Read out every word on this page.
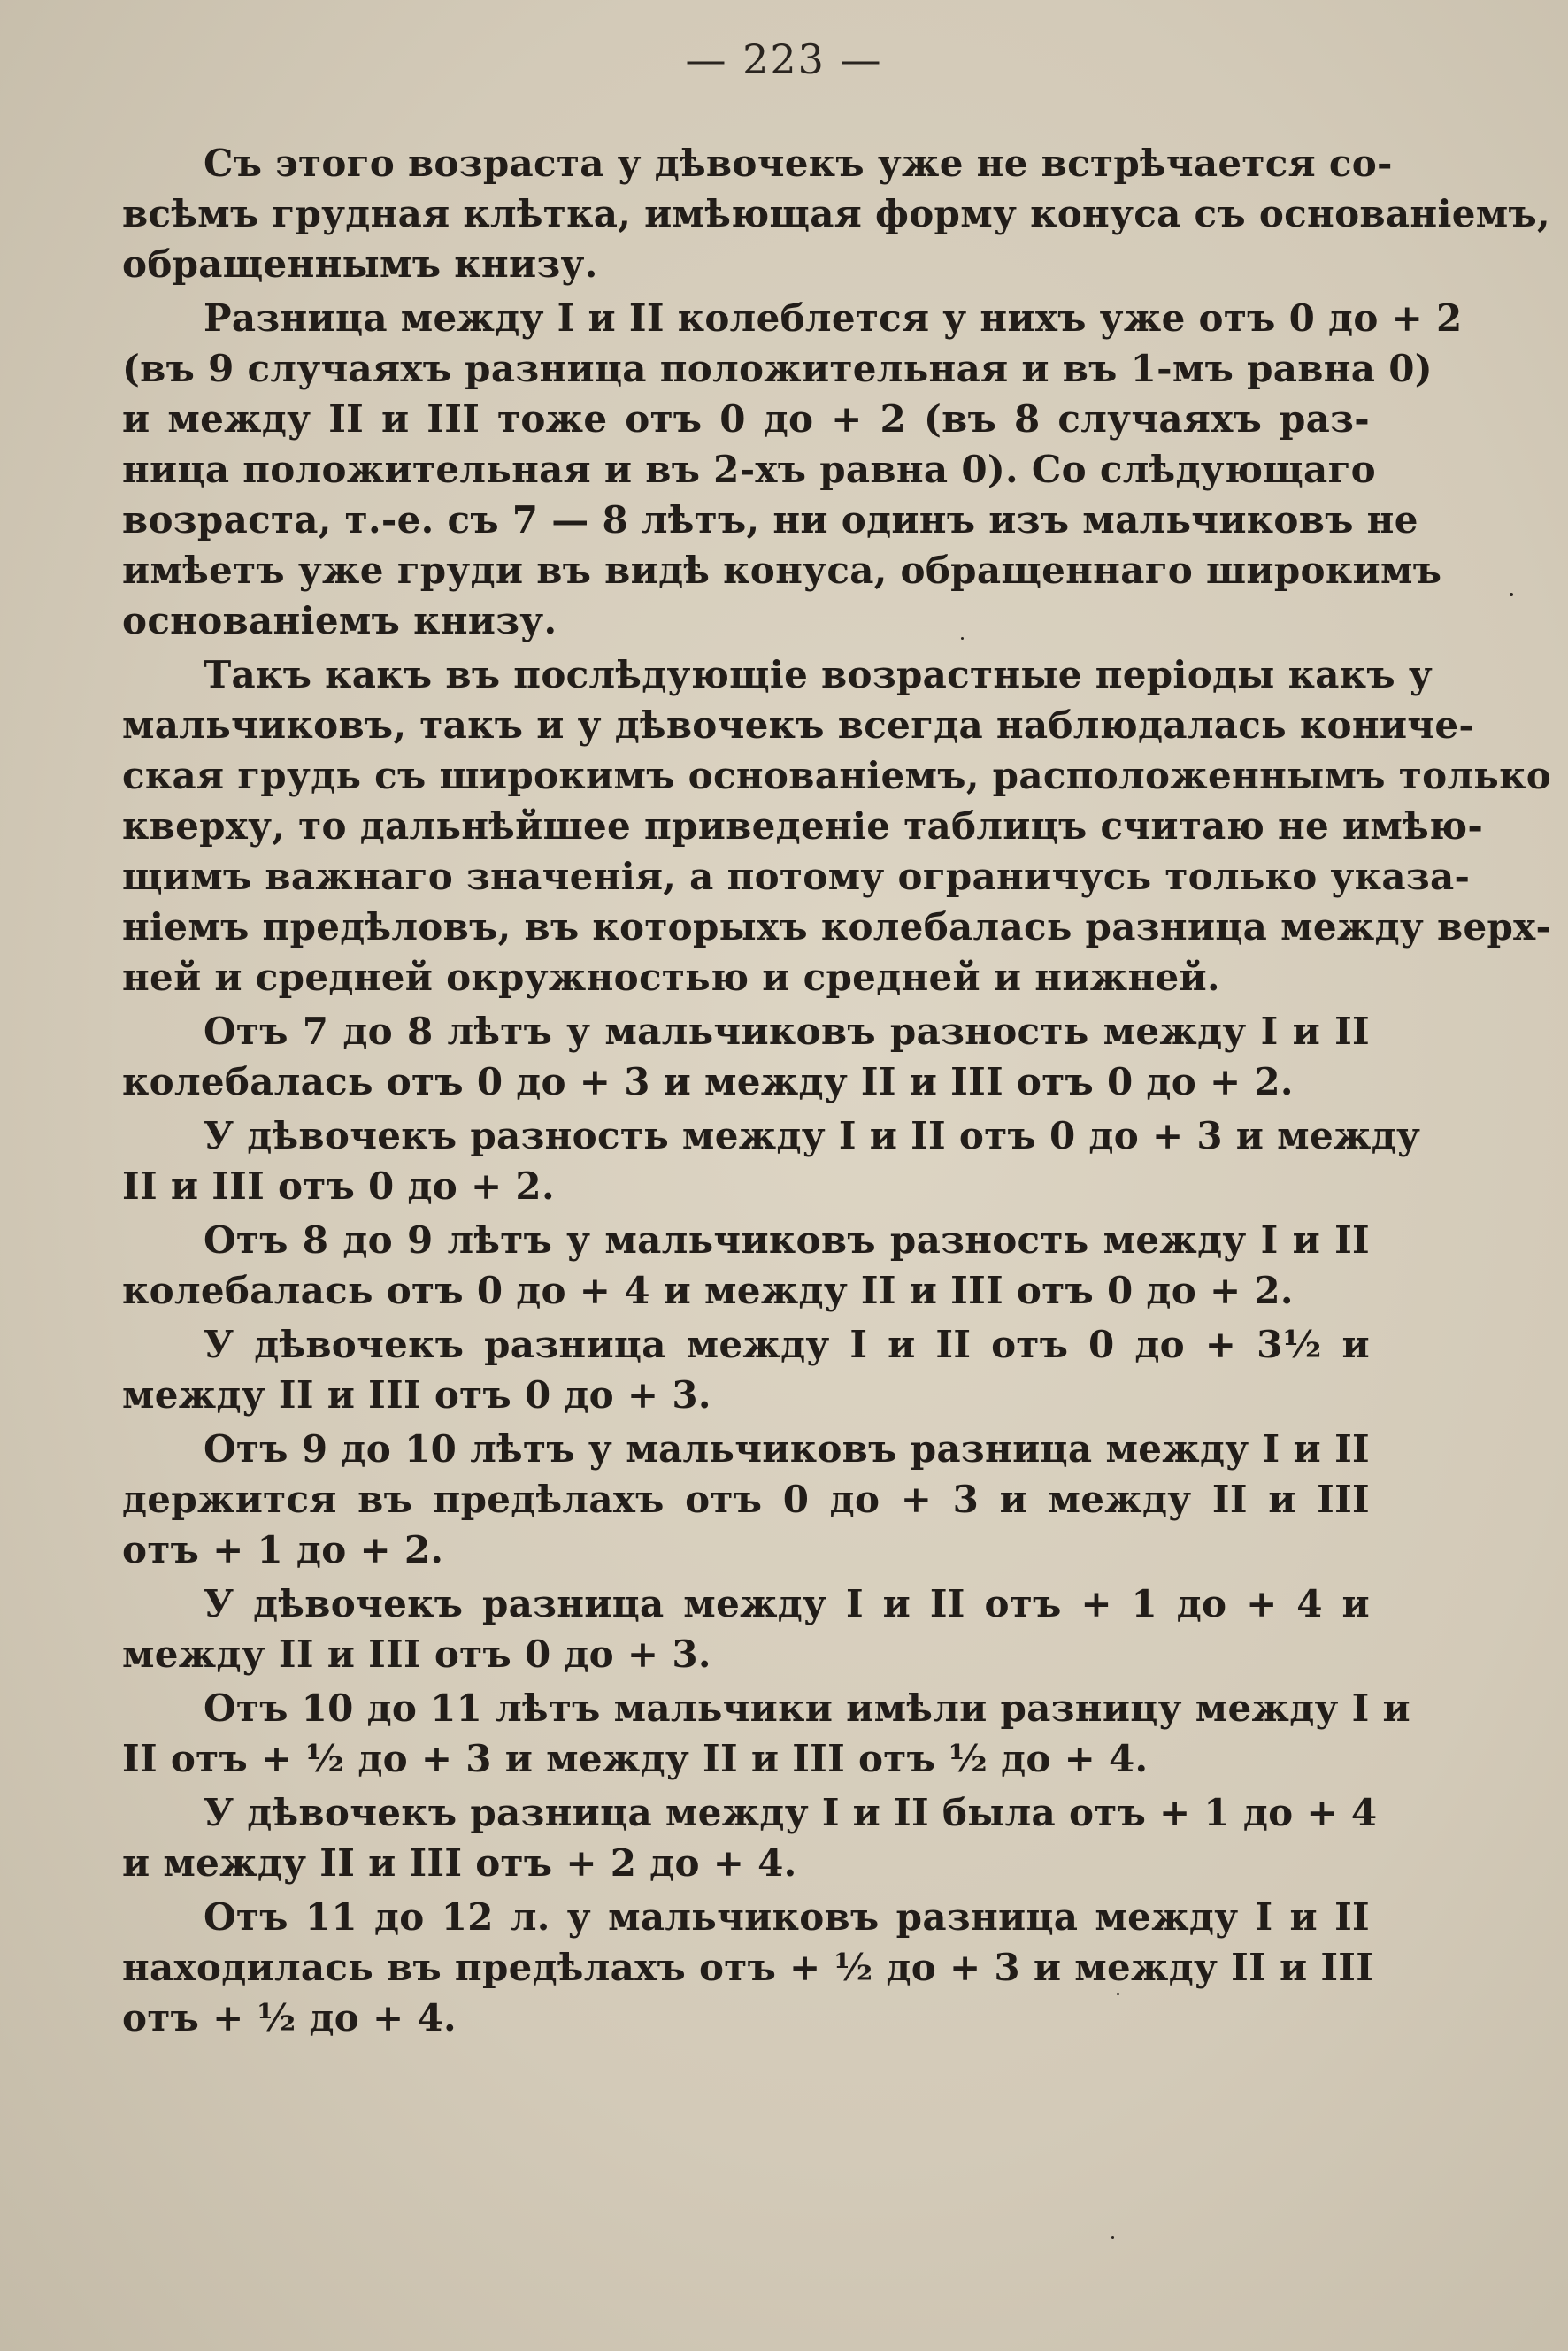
— 223 —
Съ этого возраста у дѣвочекъ уже не встрѣчается со-
всѣмъ грудная клѣтка, имѣющая форму конуса съ основаніемъ,
обращеннымъ книзу.
Разница между I и II колеблется у нихъ уже отъ 0 до + 2
(въ 9 случаяхъ разница положительная и въ 1-мъ равна 0)
и между II и III тоже отъ 0 до + 2 (въ 8 случаяхъ раз-
ница положительная и въ 2-хъ равна 0). Со слѣдующаго
возраста, т.-е. съ 7 — 8 лѣтъ, ни одинъ изъ мальчиковъ не
имѣетъ уже груди въ видѣ конуса, обращеннаго широкимъ
основаніемъ книзу.
Такъ какъ въ послѣдующіе возрастные періоды какъ у
мальчиковъ, такъ и у дѣвочекъ всегда наблюдалась кониче-
ская грудь съ широкимъ основаніемъ, расположеннымъ только
кверху, то дальнѣйшее приведеніе таблицъ считаю не имѣю-
щимъ важнаго значенія, а потому ограничусь только указа-
ніемъ предѣловъ, въ которыхъ колебалась разница между верх-
ней и средней окружностью и средней и нижней.
Отъ 7 до 8 лѣтъ у мальчиковъ разность между I и II
колебалась отъ 0 до + 3 и между II и III отъ 0 до + 2.
У дѣвочекъ разность между I и II отъ 0 до + 3 и между
II и III отъ 0 до + 2.
Отъ 8 до 9 лѣтъ у мальчиковъ разность между I и II
колебалась отъ 0 до + 4 и между II и III отъ 0 до + 2.
У дѣвочекъ разница между I и II отъ 0 до + 3½ и
между II и III отъ 0 до + 3.
Отъ 9 до 10 лѣтъ у мальчиковъ разница между I и II
держится въ предѣлахъ отъ 0 до + 3 и между II и III
отъ + 1 до + 2.
У дѣвочекъ разница между I и II отъ + 1 до + 4 и
между II и III отъ 0 до + 3.
Отъ 10 до 11 лѣтъ мальчики имѣли разницу между I и
II отъ + ½ до + 3 и между II и III отъ ½ до + 4.
У дѣвочекъ разница между I и II была отъ + 1 до + 4
и между II и III отъ + 2 до + 4.
Отъ 11 до 12 л. у мальчиковъ разница между I и II
находилась въ предѣлахъ отъ + ½ до + 3 и между II и III
отъ + ½ до + 4.
